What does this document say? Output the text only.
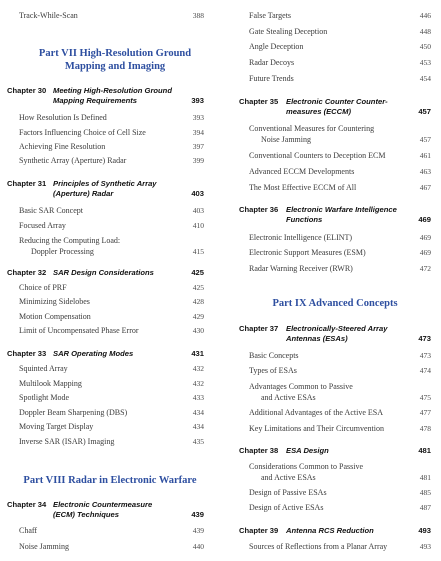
Track-While-Scan	388
Part VII High-Resolution Ground
Mapping and Imaging
Chapter 30 Meeting High-Resolution Ground
Mapping Requirements	393
How Resolution Is Defined	393
Factors Influencing Choice of Cell Size	394
Achieving Fine Resolution	397
Synthetic Array (Aperture) Radar	399
Chapter 31 Principles of Synthetic Array
(Aperture) Radar	403
Basic SAR Concept	403
Focused Array	410
Reducing the Computing Load:
Doppler Processing	415
Chapter 32 SAR Design Considerations	425
Choice of PRF	425
Minimizing Sidelobes	428
Motion Compensation	429
Limit of Uncompensated Phase Error	430
Chapter 33 SAR Operating Modes	431
Squinted Array	432
Multilook Mapping	432
Spotlight Mode	433
Doppler Beam Sharpening (DBS)	434
Moving Target Display	434
Inverse SAR (ISAR) Imaging	435
Part VIII Radar in Electronic Warfare
Chapter 34 Electronic Countermeasure
(ECM) Techniques	439
Chaff	439
Noise Jamming	440
False Targets	446
Gate Stealing Deception	448
Angle Deception	450
Radar Decoys	453
Future Trends	454
Chapter 35 Electronic Counter Counter-
measures (ECCM)	457
Conventional Measures for Countering
Noise Jamming	457
Conventional Counters to Deception ECM	461
Advanced ECCM Developments	463
The Most Effective ECCM of All	467
Chapter 36 Electronic Warfare Intelligence
Functions	469
Electronic Intelligence (ELINT)	469
Electronic Support Measures (ESM)	469
Radar Warning Receiver (RWR)	472
Part IX Advanced Concepts
Chapter 37 Electronically-Steered Array
Antennas (ESAs)	473
Basic Concepts	473
Types of ESAs	474
Advantages Common to Passive
and Active ESAs	475
Additional Advantages of the Active ESA	477
Key Limitations and Their Circumvention	478
Chapter 38 ESA Design	481
Considerations Common to Passive
and Active ESAs	481
Design of Passive ESAs	485
Design of Active ESAs	487
Chapter 39 Antenna RCS Reduction	493
Sources of Reflections from a Planar Array	493
